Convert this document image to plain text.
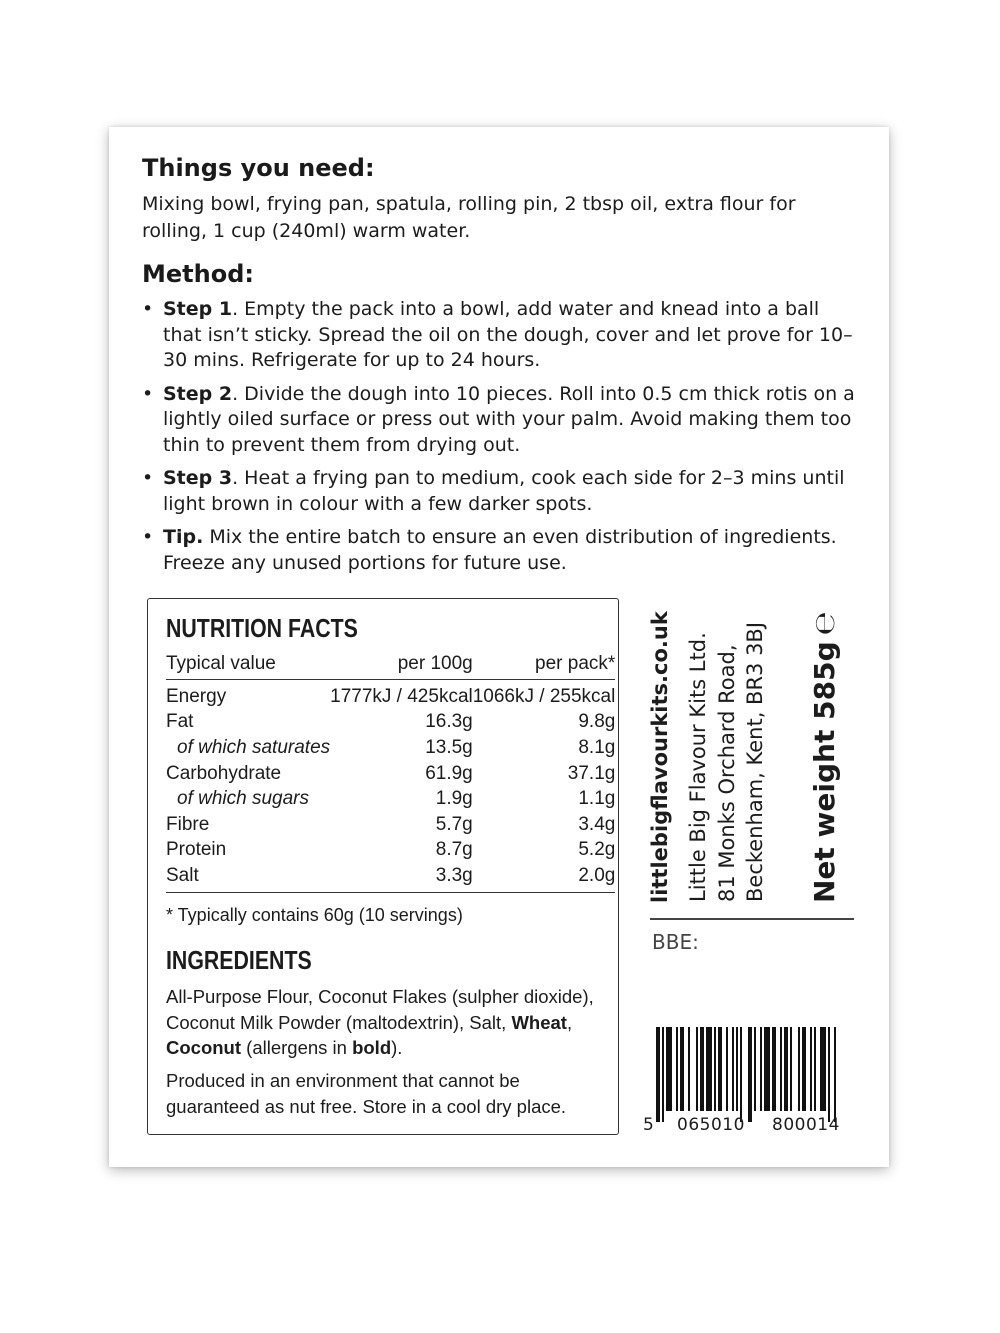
Things you need:
Mixing bowl, frying pan, spatula, rolling pin, 2 tbsp oil, extra flour for rolling, 1 cup (240ml) warm water.
Method:
• Step 1. Empty the pack into a bowl, add water and knead into a ball that isn’t sticky. Spread the oil on the dough, cover and let prove for 10–30 mins. Refrigerate for up to 24 hours.
• Step 2. Divide the dough into 10 pieces. Roll into 0.5 cm thick rotis on a lightly oiled surface or press out with your palm. Avoid making them too thin to prevent them from drying out.
• Step 3. Heat a frying pan to medium, cook each side for 2–3 mins until light brown in colour with a few darker spots.
• Tip. Mix the entire batch to ensure an even distribution of ingredients. Freeze any unused portions for future use.
NUTRITION FACTS
Typical value	per 100g	per pack*
Energy	1777kJ / 425kcal	1066kJ / 255kcal
Fat	16.3g	9.8g
of which saturates	13.5g	8.1g
Carbohydrate	61.9g	37.1g
of which sugars	1.9g	1.1g
Fibre	5.7g	3.4g
Protein	8.7g	5.2g
Salt	3.3g	2.0g
* Typically contains 60g (10 servings)
INGREDIENTS
All-Purpose Flour, Coconut Flakes (sulpher dioxide), Coconut Milk Powder (maltodextrin), Salt, Wheat, Coconut (allergens in bold).
Produced in an environment that cannot be guaranteed as nut free. Store in a cool dry place.
littlebigflavourkits.co.uk Little Big Flavour Kits Ltd. 81 Monks Orchard Road, Beckenham, Kent, BR3 3BJ Net weight 585g℮
BBE:
5 065010 800014
